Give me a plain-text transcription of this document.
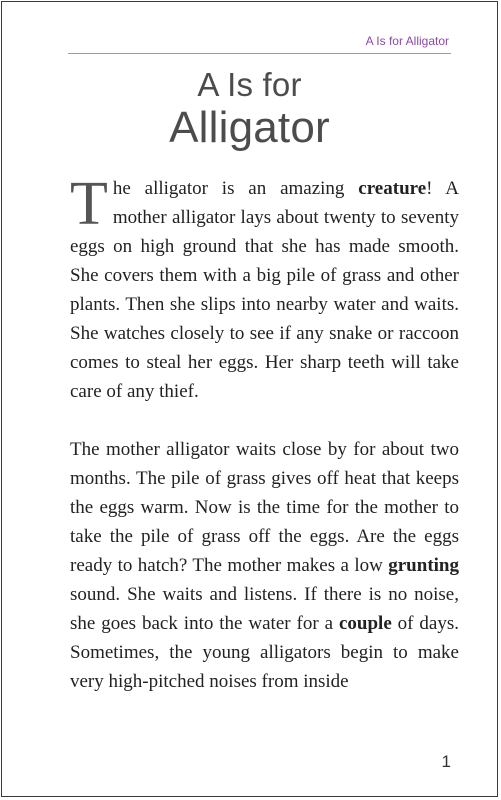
A Is for Alligator
A Is for
Alligator

The alligator is an amazing creature! A mother alligator lays about twenty to seventy eggs on high ground that she has made smooth. She covers them with a big pile of grass and other plants. Then she slips into nearby water and waits. She watches closely to see if any snake or raccoon comes to steal her eggs. Her sharp teeth will take care of any thief.

The mother alligator waits close by for about two months. The pile of grass gives off heat that keeps the eggs warm. Now is the time for the mother to take the pile of grass off the eggs. Are the eggs ready to hatch? The mother makes a low grunting sound. She waits and listens. If there is no noise, she goes back into the water for a couple of days. Sometimes, the young alligators begin to make very high-pitched noises from inside

1
